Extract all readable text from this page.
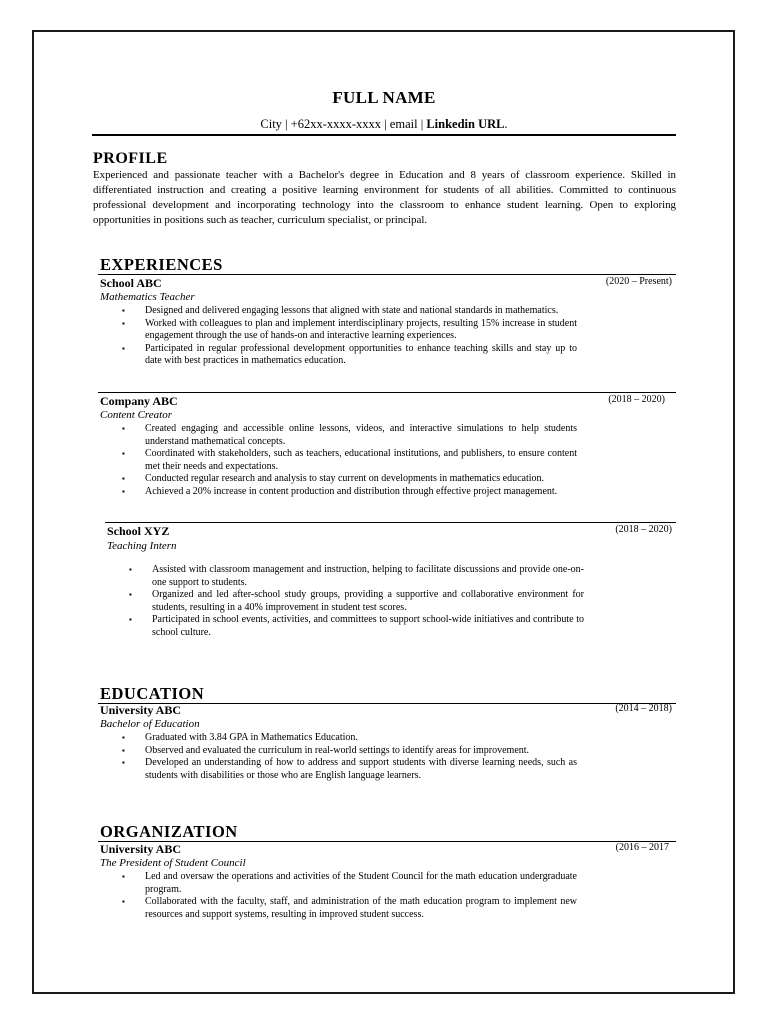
FULL NAME
City | +62xx-xxxx-xxxx | email | Linkedin URL.
PROFILE
Experienced and passionate teacher with a Bachelor's degree in Education and 8 years of classroom experience. Skilled in differentiated instruction and creating a positive learning environment for students of all abilities. Committed to continuous professional development and incorporating technology into the classroom to enhance student learning. Open to exploring opportunities in positions such as teacher, curriculum specialist, or principal.
EXPERIENCES
School ABC	(2020 – Present)
Mathematics Teacher
▪ Designed and delivered engaging lessons that aligned with state and national standards in mathematics.
▪ Worked with colleagues to plan and implement interdisciplinary projects, resulting 15% increase in student engagement through the use of hands-on and interactive learning experiences.
▪ Participated in regular professional development opportunities to enhance teaching skills and stay up to date with best practices in mathematics education.
Company ABC	(2018 – 2020)
Content Creator
▪ Created engaging and accessible online lessons, videos, and interactive simulations to help students understand mathematical concepts.
▪ Coordinated with stakeholders, such as teachers, educational institutions, and publishers, to ensure content met their needs and expectations.
▪ Conducted regular research and analysis to stay current on developments in mathematics education.
▪ Achieved a 20% increase in content production and distribution through effective project management.
School XYZ	(2018 – 2020)
Teaching Intern
▪ Assisted with classroom management and instruction, helping to facilitate discussions and provide one-on-one support to students.
▪ Organized and led after-school study groups, providing a supportive and collaborative environment for students, resulting in a 40% improvement in student test scores.
▪ Participated in school events, activities, and committees to support school-wide initiatives and contribute to school culture.
EDUCATION
University ABC	(2014 – 2018)
Bachelor of Education
▪ Graduated with 3.84 GPA in Mathematics Education.
▪ Observed and evaluated the curriculum in real-world settings to identify areas for improvement.
▪ Developed an understanding of how to address and support students with diverse learning needs, such as students with disabilities or those who are English language learners.
ORGANIZATION
University ABC	(2016 – 2017
The President of Student Council
▪ Led and oversaw the operations and activities of the Student Council for the math education undergraduate program.
▪ Collaborated with the faculty, staff, and administration of the math education program to implement new resources and support systems, resulting in improved student success.
